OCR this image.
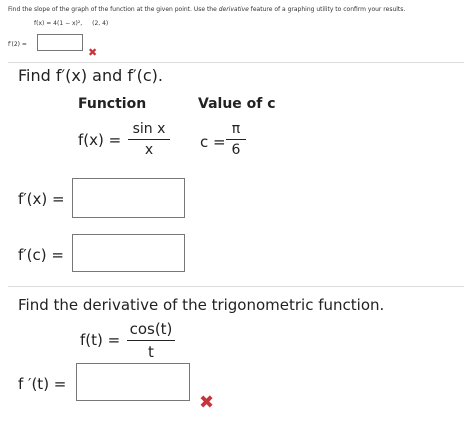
Find the slope of the graph of the function at the given point. Use the derivative feature of a graphing utility to confirm your results.
f(x) = 4(1 − x)², (2, 4)
f′(2) =
✖
Find f′(x) and f′(c).
Function	Value of c
f(x) =
sin x
x	c =
π
6
f′(x) =
f′(c) =
Find the derivative of the trigonometric function.
f(t) =
cos(t)
t
f ′(t) =
✖
